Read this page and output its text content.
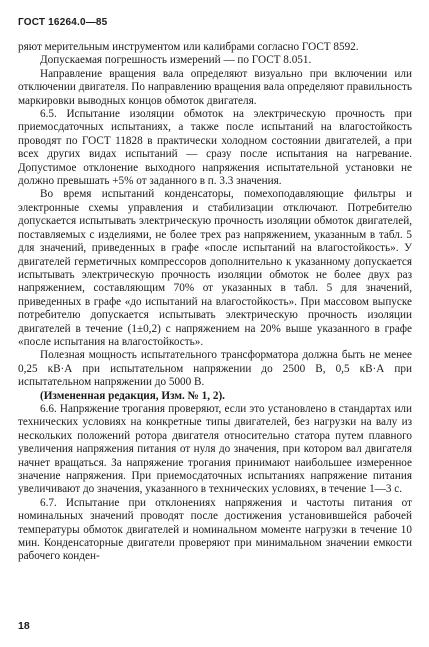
ГОСТ 16264.0—85

ряют мерительным инструментом или калибрами согласно ГОСТ 8592.

Допускаемая погрешность измерений — по ГОСТ 8.051.

Направление вращения вала определяют визуально при включении или отключении двигателя. По направлению вращения вала определяют правильность маркировки выводных концов обмоток двигателя.

6.5. Испытание изоляции обмоток на электрическую прочность при приемосдаточных испытаниях, а также после испытаний на влагостойкость проводят по ГОСТ 11828 в практически холодном состоянии двигателей, а при всех других видах испытаний — сразу после испытания на нагревание. Допустимое отклонение выходного напряжения испытательной установки не должно превышать +5% от заданного в п. 3.3 значения.

Во время испытаний конденсаторы, помехоподавляющие фильтры и электронные схемы управления и стабилизации отключают. Потребителю допускается испытывать электрическую прочность изоляции обмоток двигателей, поставляемых с изделиями, не более трех раз напряжением, указанным в табл. 5 для значений, приведенных в графе «после испытаний на влагостойкость». У двигателей герметичных компрессоров дополнительно к указанному допускается испытывать электрическую прочность изоляции обмоток не более двух раз напряжением, составляющим 70% от указанных в табл. 5 для значений, приведенных в графе «до испытаний на влагостойкость». При массовом выпуске потребителю допускается испытывать электрическую прочность изоляции двигателей в течение (1±0,2) с напряжением на 20% выше указанного в графе «после испытания на влагостойкость».

Полезная мощность испытательного трансформатора должна быть не менее 0,25 кВ·А при испытательном напряжении до 2500 В, 0,5 кВ·А при испытательном напряжении до 5000 В.

(Измененная редакция, Изм. № 1, 2).

6.6. Напряжение трогания проверяют, если это установлено в стандартах или технических условиях на конкретные типы двигателей, без нагрузки на валу из нескольких положений ротора двигателя относительно статора путем плавного увеличения напряжения питания от нуля до значения, при котором вал двигателя начнет вращаться. За напряжение трогания принимают наибольшее измеренное значение напряжения. При приемосдаточных испытаниях напряжение питания увеличивают до значения, указанного в технических условиях, в течение 1—3 с.

6.7. Испытание при отклонениях напряжения и частоты питания от номинальных значений проводят после достижения установившейся рабочей температуры обмоток двигателей и номинальном моменте нагрузки в течение 10 мин. Конденсаторные двигатели проверяют при минимальном значении емкости рабочего конден-

18
